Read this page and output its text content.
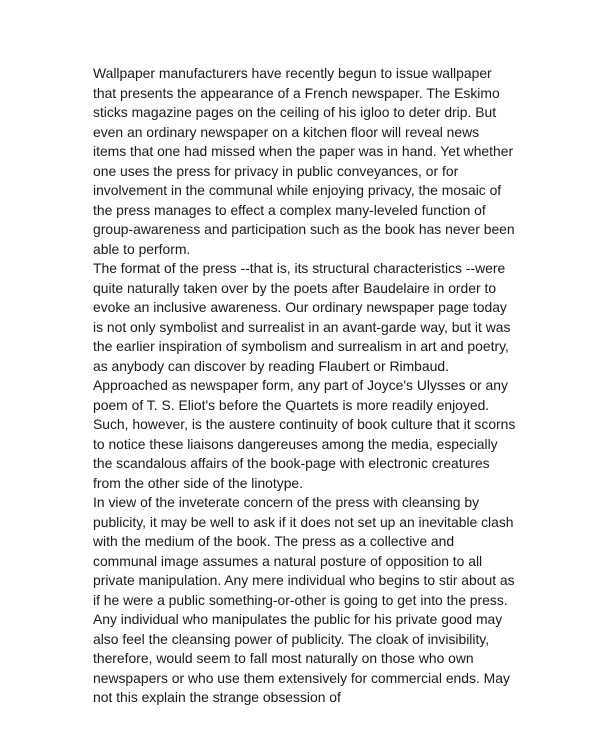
Wallpaper manufacturers have recently begun to issue wallpaper
that presents the appearance of a French newspaper. The Eskimo
sticks magazine pages on the ceiling of his igloo to deter drip. But
even an ordinary newspaper on a kitchen floor will reveal news
items that one had missed when the paper was in hand. Yet whether
one uses the press for privacy in public conveyances, or for
involvement in the communal while enjoying privacy, the mosaic of
the press manages to effect a complex many-leveled function of
group-awareness and participation such as the book has never been
able to perform.
The format of the press --that is, its structural characteristics --were
quite naturally taken over by the poets after Baudelaire in order to
evoke an inclusive awareness. Our ordinary newspaper page today
is not only symbolist and surrealist in an avant-garde way, but it was
the earlier inspiration of symbolism and surrealism in art and poetry,
as anybody can discover by reading Flaubert or Rimbaud.
Approached as newspaper form, any part of Joyce's Ulysses or any
poem of T. S. Eliot's before the Quartets is more readily enjoyed.
Such, however, is the austere continuity of book culture that it scorns
to notice these liaisons dangereuses among the media, especially
the scandalous affairs of the book-page with electronic creatures
from the other side of the linotype.
In view of the inveterate concern of the press with cleansing by
publicity, it may be well to ask if it does not set up an inevitable clash
with the medium of the book. The press as a collective and
communal image assumes a natural posture of opposition to all
private manipulation. Any mere individual who begins to stir about as
if he were a public something-or-other is going to get into the press.
Any individual who manipulates the public for his private good may
also feel the cleansing power of publicity. The cloak of invisibility,
therefore, would seem to fall most naturally on those who own
newspapers or who use them extensively for commercial ends. May
not this explain the strange obsession of
